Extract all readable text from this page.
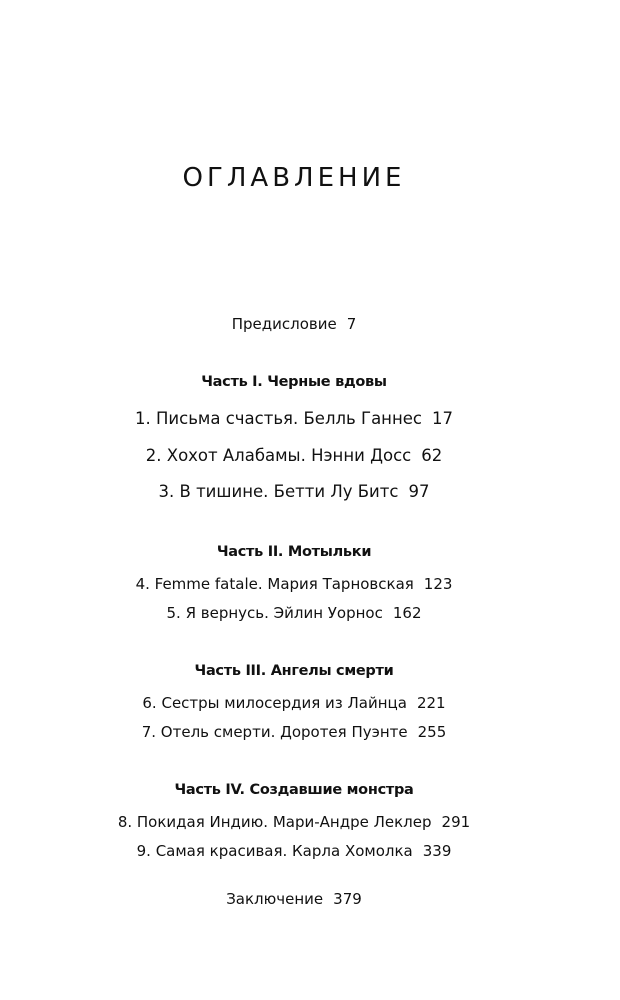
ОГЛАВЛЕНИЕ
Предисловие 7
Часть I. Черные вдовы
1. Письма счастья. Белль Ганнес 17
2. Хохот Алабамы. Нэнни Досс 62
3. В тишине. Бетти Лу Битс 97
Часть II. Мотыльки
4. Femme fatale. Мария Тарновская 123
5. Я вернусь. Эйлин Уорнос 162
Часть III. Ангелы смерти
6. Сестры милосердия из Лайнца 221
7. Отель смерти. Доротея Пуэнте 255
Часть IV. Создавшие монстра
8. Покидая Индию. Мари-Андре Леклер 291
9. Самая красивая. Карла Хомолка 339
Заключение 379
